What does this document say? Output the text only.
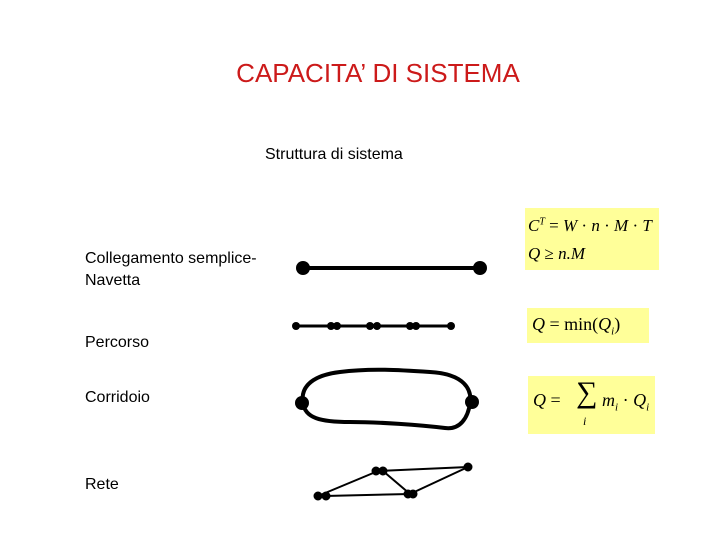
CAPACITA’ DI SISTEMA
Struttura di sistema
Collegamento semplice-
Navetta
Percorso
Corridoio
Rete
$C^T = W \cdot n \cdot M \cdot T$
Q ≥ n.M
$Q = \min(Q_i)$
Q = ∑
i
$m_i \cdot Q_i$
